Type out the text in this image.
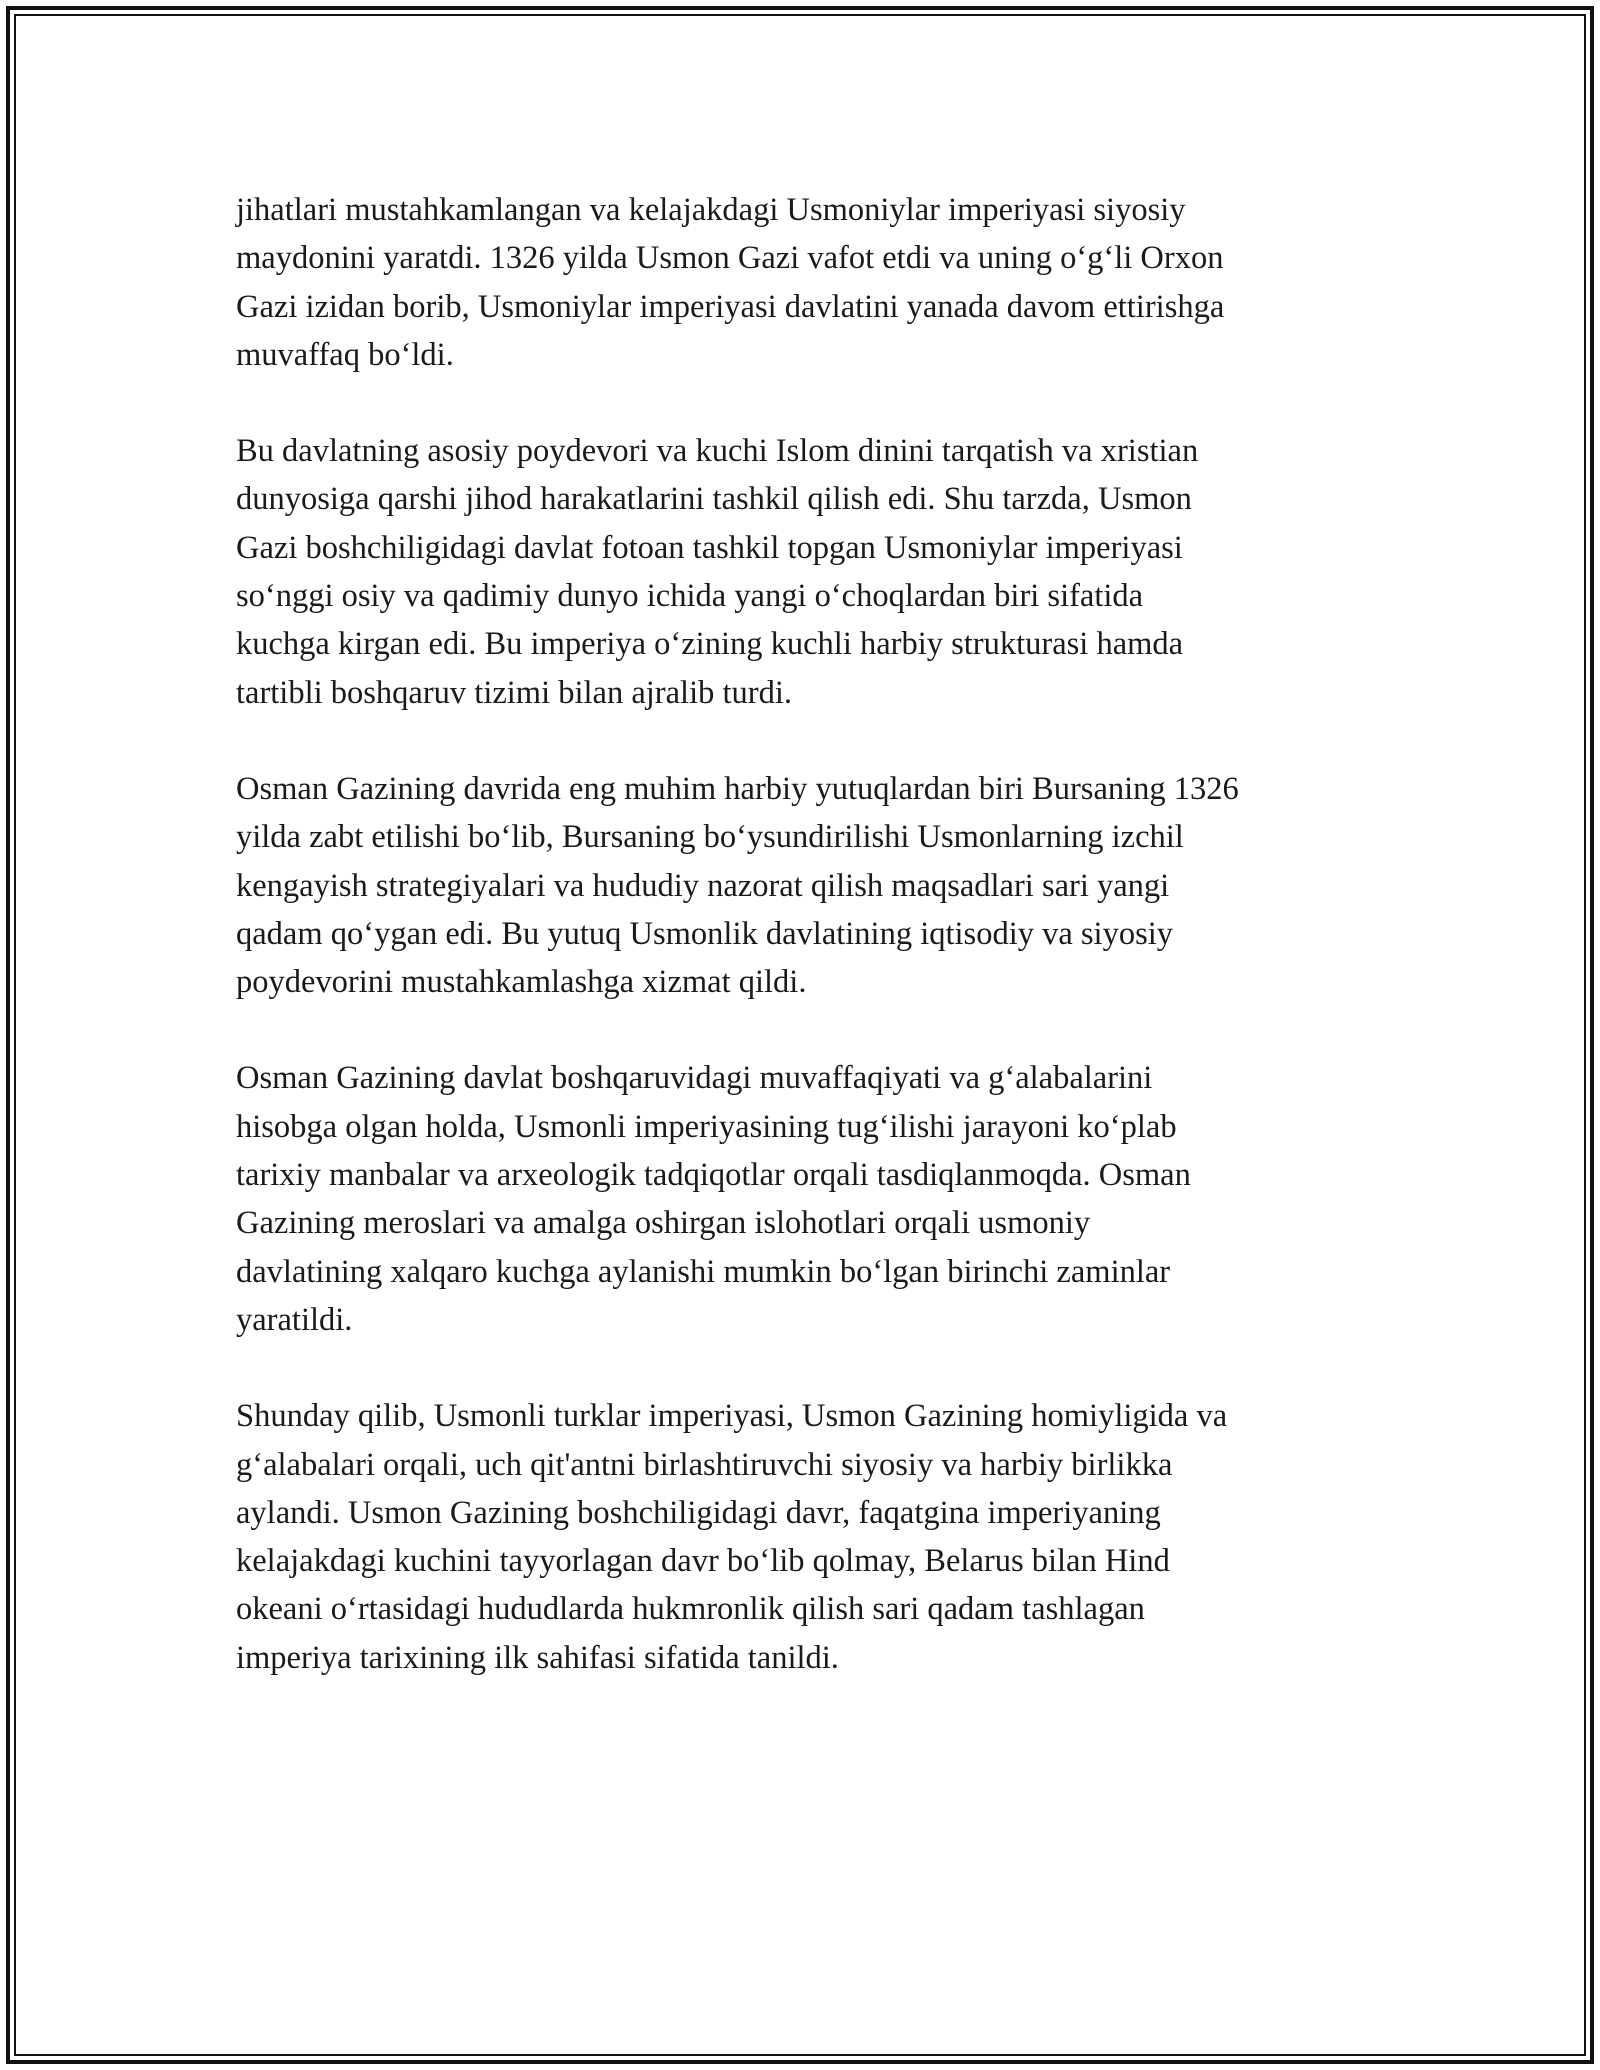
jihatlari mustahkamlangan va kelajakdagi Usmoniylar imperiyasi siyosiy
maydonini yaratdi. 1326 yilda Usmon Gazi vafot etdi va uning o‘g‘li Orxon
Gazi izidan borib, Usmoniylar imperiyasi davlatini yanada davom ettirishga
muvaffaq bo‘ldi.

Bu davlatning asosiy poydevori va kuchi Islom dinini tarqatish va xristian
dunyosiga qarshi jihod harakatlarini tashkil qilish edi. Shu tarzda, Usmon
Gazi boshchiligidagi davlat fotoan tashkil topgan Usmoniylar imperiyasi
so‘nggi osiy va qadimiy dunyo ichida yangi o‘choqlardan biri sifatida
kuchga kirgan edi. Bu imperiya o‘zining kuchli harbiy strukturasi hamda
tartibli boshqaruv tizimi bilan ajralib turdi.

Osman Gazining davrida eng muhim harbiy yutuqlardan biri Bursaning 1326
yilda zabt etilishi bo‘lib, Bursaning bo‘ysundirilishi Usmonlarning izchil
kengayish strategiyalari va hududiy nazorat qilish maqsadlari sari yangi
qadam qo‘ygan edi. Bu yutuq Usmonlik davlatining iqtisodiy va siyosiy
poydevorini mustahkamlashga xizmat qildi.

Osman Gazining davlat boshqaruvidagi muvaffaqiyati va g‘alabalarini
hisobga olgan holda, Usmonli imperiyasining tug‘ilishi jarayoni ko‘plab
tarixiy manbalar va arxeologik tadqiqotlar orqali tasdiqlanmoqda. Osman
Gazining meroslari va amalga oshirgan islohotlari orqali usmoniy
davlatining xalqaro kuchga aylanishi mumkin bo‘lgan birinchi zaminlar
yaratildi.

Shunday qilib, Usmonli turklar imperiyasi, Usmon Gazining homiyligida va
g‘alabalari orqali, uch qit'antni birlashtiruvchi siyosiy va harbiy birlikka
aylandi. Usmon Gazining boshchiligidagi davr, faqatgina imperiyaning
kelajakdagi kuchini tayyorlagan davr bo‘lib qolmay, Belarus bilan Hind
okeani o‘rtasidagi hududlarda hukmronlik qilish sari qadam tashlagan
imperiya tarixining ilk sahifasi sifatida tanildi.
